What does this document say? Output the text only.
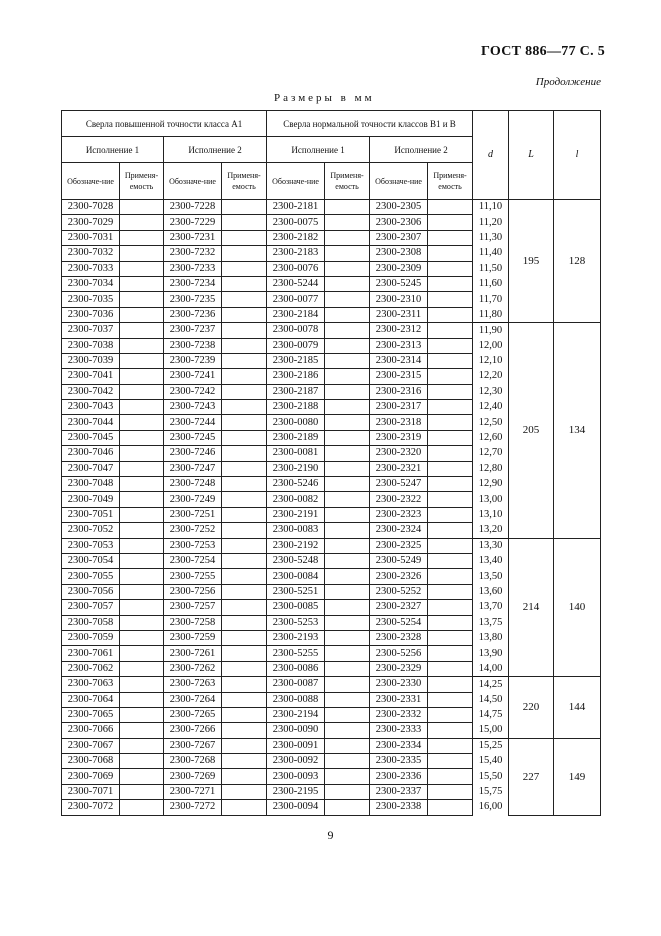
ГОСТ 886—77 С. 5
Продолжение
Размеры в мм
Сверла повышенной точности класса А1				Сверла нормальной точности классов В1 и В				d	L	l
Исполнение 1		Исполнение 2		Исполнение 1		Исполнение 2				
Обозначе-ние	Применя-емость	Обозначе-ние	Применя-емость	Обозначе-ние	Применя-емость	Обозначе-ние	Применя-емость			
2300-7028		2300-7228		2300-2181		2300-2305		11,10	195	128
2300-7029		2300-7229		2300-0075		2300-2306		11,20		
2300-7031		2300-7231		2300-2182		2300-2307		11,30		
2300-7032		2300-7232		2300-2183		2300-2308		11,40		
2300-7033		2300-7233		2300-0076		2300-2309		11,50		
2300-7034		2300-7234		2300-5244		2300-5245		11,60		
2300-7035		2300-7235		2300-0077		2300-2310		11,70		
2300-7036		2300-7236		2300-2184		2300-2311		11,80		
2300-7037		2300-7237		2300-0078		2300-2312		11,90	205	134
2300-7038		2300-7238		2300-0079		2300-2313		12,00		
2300-7039		2300-7239		2300-2185		2300-2314		12,10		
2300-7041		2300-7241		2300-2186		2300-2315		12,20		
2300-7042		2300-7242		2300-2187		2300-2316		12,30		
2300-7043		2300-7243		2300-2188		2300-2317		12,40		
2300-7044		2300-7244		2300-0080		2300-2318		12,50		
2300-7045		2300-7245		2300-2189		2300-2319		12,60		
2300-7046		2300-7246		2300-0081		2300-2320		12,70		
2300-7047		2300-7247		2300-2190		2300-2321		12,80		
2300-7048		2300-7248		2300-5246		2300-5247		12,90		
2300-7049		2300-7249		2300-0082		2300-2322		13,00		
2300-7051		2300-7251		2300-2191		2300-2323		13,10		
2300-7052		2300-7252		2300-0083		2300-2324		13,20		
2300-7053		2300-7253		2300-2192		2300-2325		13,30	214	140
2300-7054		2300-7254		2300-5248		2300-5249		13,40		
2300-7055		2300-7255		2300-0084		2300-2326		13,50		
2300-7056		2300-7256		2300-5251		2300-5252		13,60		
2300-7057		2300-7257		2300-0085		2300-2327		13,70		
2300-7058		2300-7258		2300-5253		2300-5254		13,75		
2300-7059		2300-7259		2300-2193		2300-2328		13,80		
2300-7061		2300-7261		2300-5255		2300-5256		13,90		
2300-7062		2300-7262		2300-0086		2300-2329		14,00		
2300-7063		2300-7263		2300-0087		2300-2330		14,25	220	144
2300-7064		2300-7264		2300-0088		2300-2331		14,50		
2300-7065		2300-7265		2300-2194		2300-2332		14,75		
2300-7066		2300-7266		2300-0090		2300-2333		15,00		
2300-7067		2300-7267		2300-0091		2300-2334		15,25	227	149
2300-7068		2300-7268		2300-0092		2300-2335		15,40		
2300-7069		2300-7269		2300-0093		2300-2336		15,50		
2300-7071		2300-7271		2300-2195		2300-2337		15,75		
2300-7072		2300-7272		2300-0094		2300-2338		16,00		
9
